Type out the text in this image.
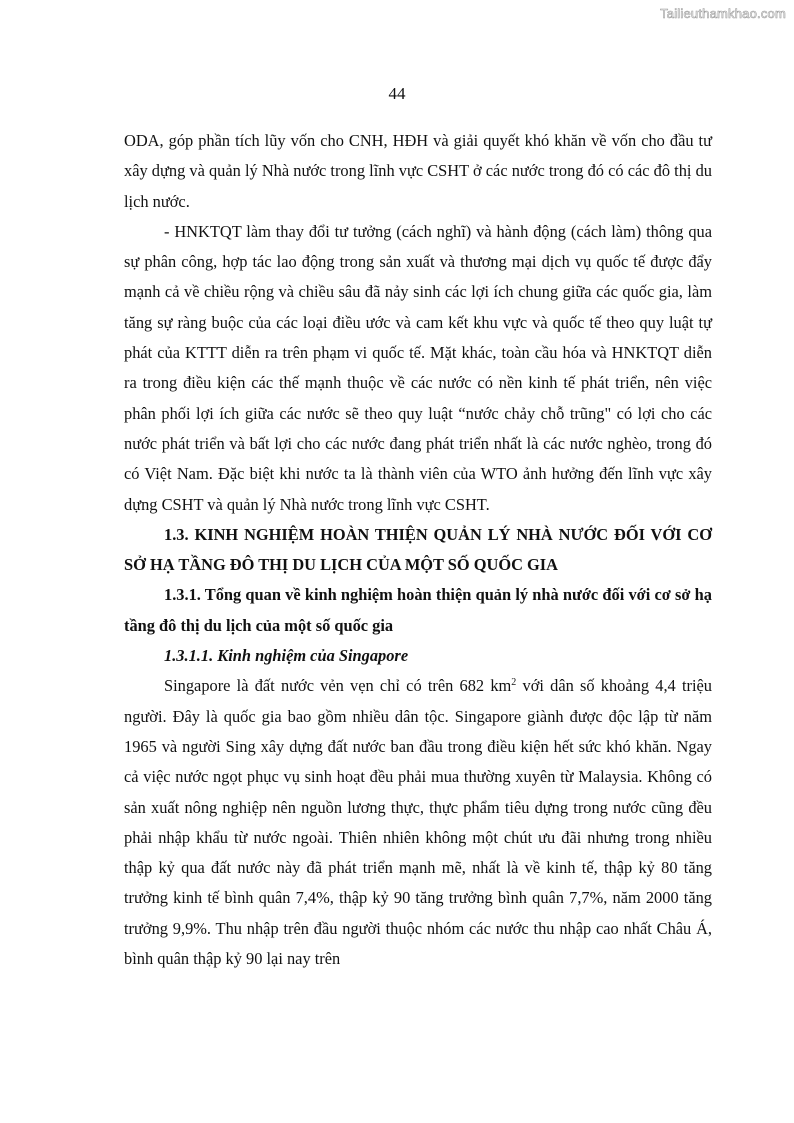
Tailieuthamkhao.com
44

ODA, góp phần tích lũy vốn cho CNH, HĐH và giải quyết khó khăn về vốn cho đầu tư xây dựng và quản lý Nhà nước trong lĩnh vực CSHT ở các nước trong đó có các đô thị du lịch nước.

- HNKTQT làm thay đổi tư tưởng (cách nghĩ) và hành động (cách làm) thông qua sự phân công, hợp tác lao động trong sản xuất và thương mại dịch vụ quốc tế được đẩy mạnh cả về chiều rộng và chiều sâu đã nảy sinh các lợi ích chung giữa các quốc gia, làm tăng sự ràng buộc của các loại điều ước và cam kết khu vực và quốc tế theo quy luật tự phát của KTTT diễn ra trên phạm vi quốc tế. Mặt khác, toàn cầu hóa và HNKTQT diễn ra trong điều kiện các thế mạnh thuộc về các nước có nền kinh tế phát triển, nên việc phân phối lợi ích giữa các nước sẽ theo quy luật “nước chảy chỗ trũng" có lợi cho các nước phát triển và bất lợi cho các nước đang phát triển nhất là các nước nghèo, trong đó có Việt Nam. Đặc biệt khi nước ta là thành viên của WTO ảnh hưởng đến lĩnh vực xây dựng CSHT và quản lý Nhà nước trong lĩnh vực CSHT.

1.3. KINH NGHIỆM HOÀN THIỆN QUẢN LÝ NHÀ NƯỚC ĐỐI VỚI CƠ SỞ HẠ TẦNG ĐÔ THỊ DU LỊCH CỦA MỘT SỐ QUỐC GIA

1.3.1. Tổng quan về kinh nghiệm hoàn thiện quản lý nhà nước đối với cơ sở hạ tầng đô thị du lịch của một số quốc gia

1.3.1.1. Kinh nghiệm của Singapore

Singapore là đất nước vẻn vẹn chỉ có trên 682 $km^2$ với dân số khoảng 4,4 triệu người. Đây là quốc gia bao gồm nhiều dân tộc. Singapore giành được độc lập từ năm 1965 và người Sing xây dựng đất nước ban đầu trong điều kiện hết sức khó khăn. Ngay cả việc nước ngọt phục vụ sinh hoạt đều phải mua thường xuyên từ Malaysia. Không có sản xuất nông nghiệp nên nguồn lương thực, thực phẩm tiêu dựng trong nước cũng đều phải nhập khẩu từ nước ngoài. Thiên nhiên không một chút ưu đãi nhưng trong nhiều thập kỷ qua đất nước này đã phát triển mạnh mẽ, nhất là về kinh tế, thập kỷ 80 tăng trưởng kinh tế bình quân 7,4%, thập kỷ 90 tăng trưởng bình quân 7,7%, năm 2000 tăng trưởng 9,9%. Thu nhập trên đầu người thuộc nhóm các nước thu nhập cao nhất Châu Á, bình quân thập kỷ 90 lại nay trên
